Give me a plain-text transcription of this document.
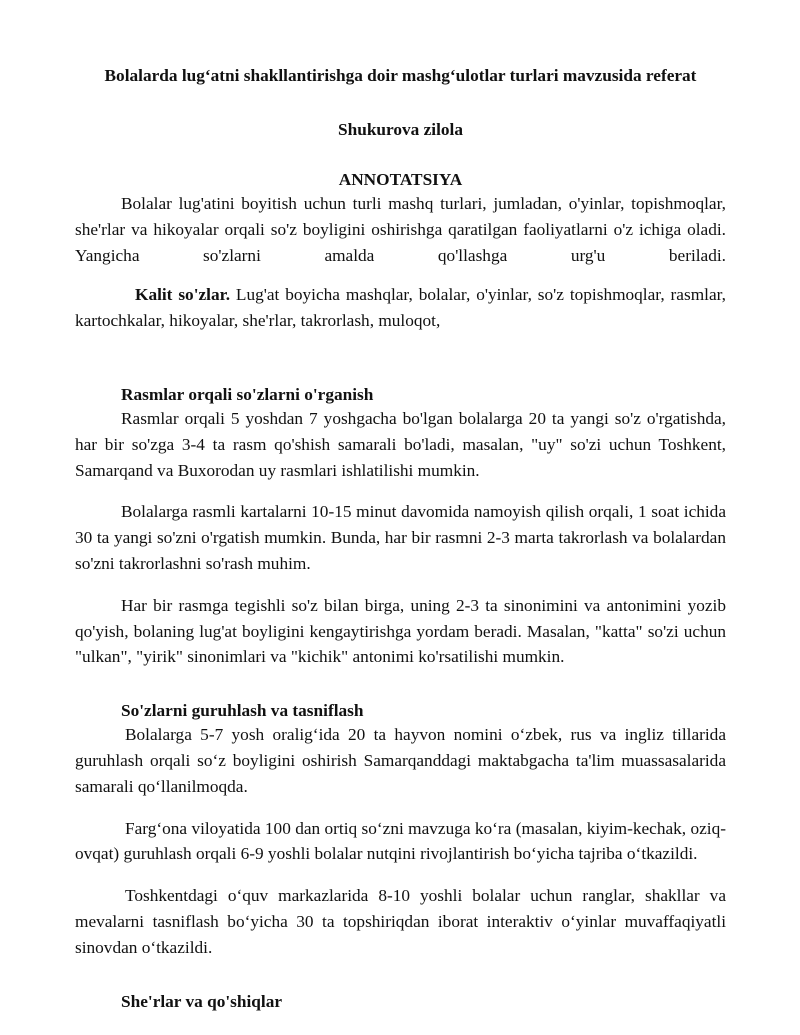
Bolalarda lug‘atni shakllantirishga doir mashg‘ulotlar turlari mavzusida referat
Shukurova zilola
ANNOTATSIYA

Bolalar lug'atini boyitish uchun turli mashq turlari, jumladan, o'yinlar, topishmoqlar, she'rlar va hikoyalar orqali so'z boyligini oshirishga qaratilgan faoliyatlarni o'z ichiga oladi. Yangicha so'zlarni amalda qo'llashga urg'u beriladi.

Kalit so'zlar. Lug'at boyicha mashqlar, bolalar, o'yinlar, so'z topishmoqlar, rasmlar, kartochkalar, hikoyalar, she'rlar, takrorlash, muloqot,

Rasmlar orqali so'zlarni o'rganish

Rasmlar orqali 5 yoshdan 7 yoshgacha bo'lgan bolalarga 20 ta yangi so'z o'rgatishda, har bir so'zga 3-4 ta rasm qo'shish samarali bo'ladi, masalan, "uy" so'zi uchun Toshkent, Samarqand va Buxorodan uy rasmlari ishlatilishi mumkin.

Bolalarga rasmli kartalarni 10-15 minut davomida namoyish qilish orqali, 1 soat ichida 30 ta yangi so'zni o'rgatish mumkin. Bunda, har bir rasmni 2-3 marta takrorlash va bolalardan so'zni takrorlashni so'rash muhim.

Har bir rasmga tegishli so'z bilan birga, uning 2-3 ta sinonimini va antonimini yozib qo'yish, bolaning lug'at boyligini kengaytirishga yordam beradi. Masalan, "katta" so'zi uchun "ulkan", "yirik" sinonimlari va "kichik" antonimi ko'rsatilishi mumkin.

So'zlarni guruhlash va tasniflash

Bolalarga 5-7 yosh oralig‘ida 20 ta hayvon nomini o‘zbek, rus va ingliz tillarida guruhlash orqali so‘z boyligini oshirish Samarqanddagi maktabgacha ta'lim muassasalarida samarali qo‘llanilmoqda.

Farg‘ona viloyatida 100 dan ortiq so‘zni mavzuga ko‘ra (masalan, kiyim-kechak, oziq-ovqat) guruhlash orqali 6-9 yoshli bolalar nutqini rivojlantirish bo‘yicha tajriba o‘tkazildi.

Toshkentdagi o‘quv markazlarida 8-10 yoshli bolalar uchun ranglar, shakllar va mevalarni tasniflash bo‘yicha 30 ta topshiriqdan iborat interaktiv o‘yinlar muvaffaqiyatli sinovdan o‘tkazildi.

She'rlar va qo'shiqlar
